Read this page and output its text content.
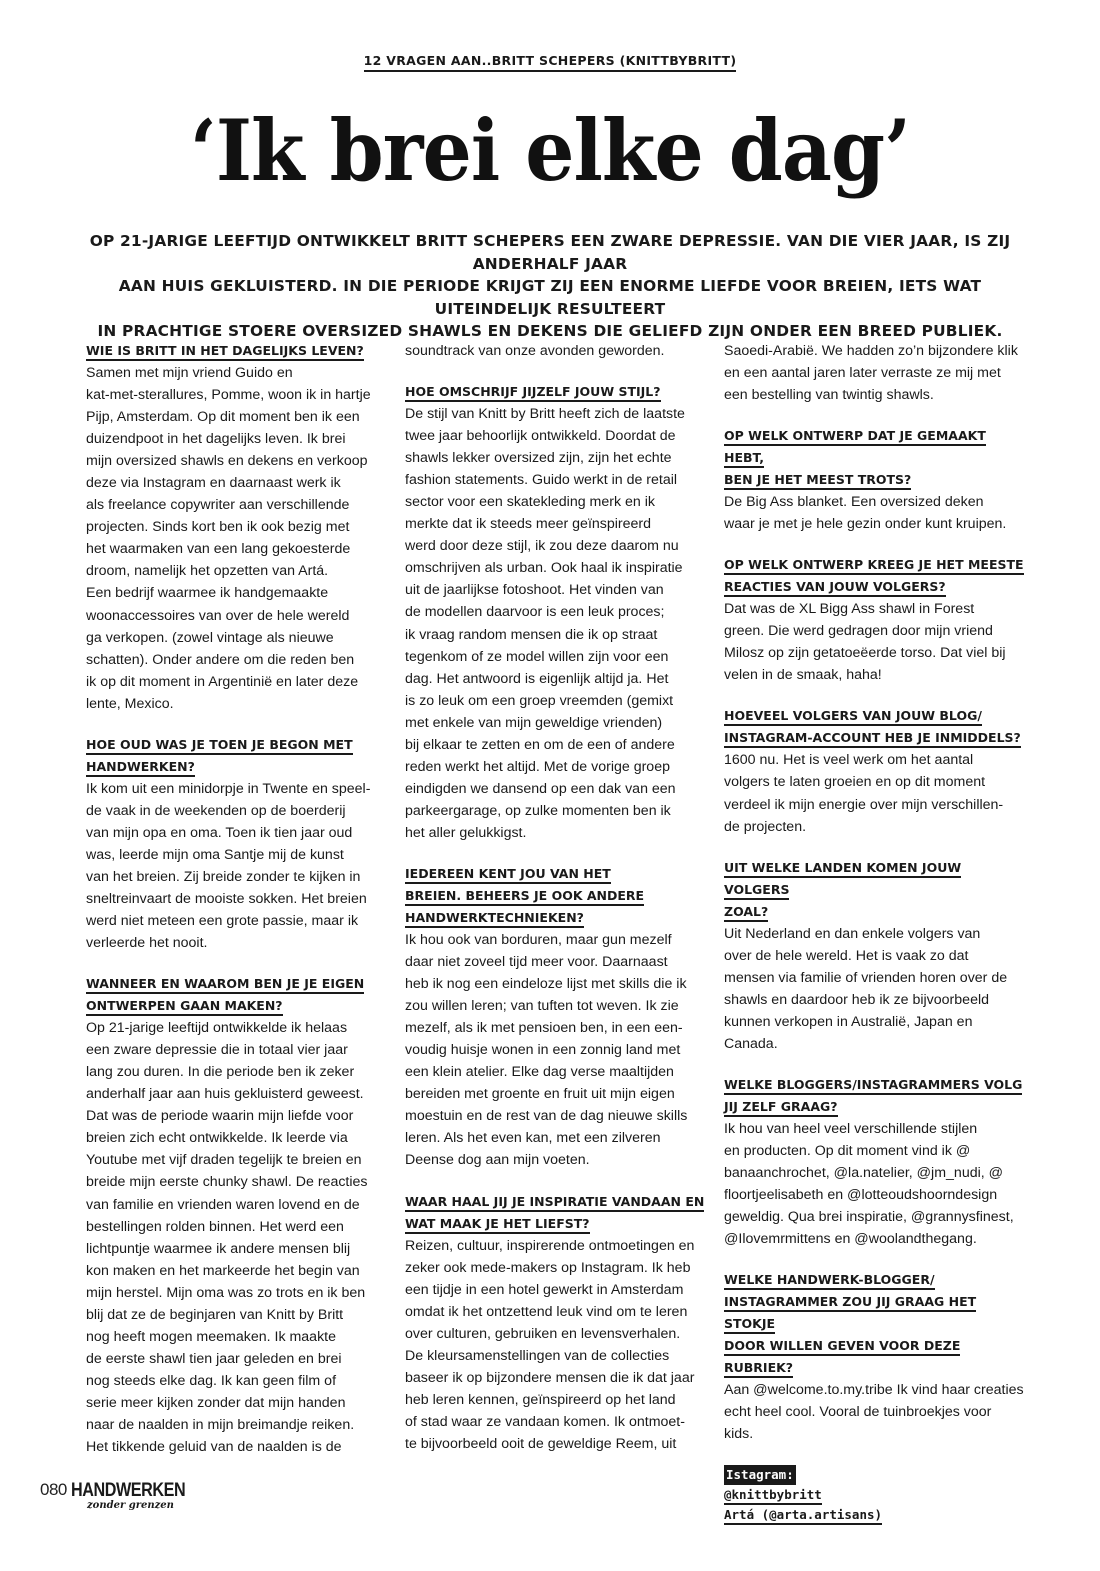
12 VRAGEN AAN..BRITT SCHEPERS (KNITTBYBRITT)
‘Ik brei elke dag’

OP 21-JARIGE LEEFTIJD ONTWIKKELT BRITT SCHEPERS EEN ZWARE DEPRESSIE. VAN DIE VIER JAAR, IS ZIJ ANDERHALF JAAR
AAN HUIS GEKLUISTERD. IN DIE PERIODE KRIJGT ZIJ EEN ENORME LIEFDE VOOR BREIEN, IETS WAT UITEINDELIJK RESULTEERT
IN PRACHTIGE STOERE OVERSIZED SHAWLS EN DEKENS DIE GELIEFD ZIJN ONDER EEN BREED PUBLIEK.

WIE IS BRITT IN HET DAGELIJKS LEVEN?
Samen met mijn vriend Guido en
kat-met-sterallures, Pomme, woon ik in hartje
Pijp, Amsterdam. Op dit moment ben ik een
duizendpoot in het dagelijks leven. Ik brei
mijn oversized shawls en dekens en verkoop
deze via Instagram en daarnaast werk ik
als freelance copywriter aan verschillende
projecten. Sinds kort ben ik ook bezig met
het waarmaken van een lang gekoesterde
droom, namelijk het opzetten van Artá.
Een bedrijf waarmee ik handgemaakte
woonaccessoires van over de hele wereld
ga verkopen. (zowel vintage als nieuwe
schatten). Onder andere om die reden ben
ik op dit moment in Argentinië en later deze
lente, Mexico.
HOE OUD WAS JE TOEN JE BEGON MET
HANDWERKEN?
Ik kom uit een minidorpje in Twente en speel-
de vaak in de weekenden op de boerderij
van mijn opa en oma. Toen ik tien jaar oud
was, leerde mijn oma Santje mij de kunst
van het breien. Zij breide zonder te kijken in
sneltreinvaart de mooiste sokken. Het breien
werd niet meteen een grote passie, maar ik
verleerde het nooit.
WANNEER EN WAAROM BEN JE JE EIGEN
ONTWERPEN GAAN MAKEN?
Op 21-jarige leeftijd ontwikkelde ik helaas
een zware depressie die in totaal vier jaar
lang zou duren. In die periode ben ik zeker
anderhalf jaar aan huis gekluisterd geweest.
Dat was de periode waarin mijn liefde voor
breien zich echt ontwikkelde. Ik leerde via
Youtube met vijf draden tegelijk te breien en
breide mijn eerste chunky shawl. De reacties
van familie en vrienden waren lovend en de
bestellingen rolden binnen. Het werd een
lichtpuntje waarmee ik andere mensen blij
kon maken en het markeerde het begin van
mijn herstel. Mijn oma was zo trots en ik ben
blij dat ze de beginjaren van Knitt by Britt
nog heeft mogen meemaken. Ik maakte
de eerste shawl tien jaar geleden en brei
nog steeds elke dag. Ik kan geen film of
serie meer kijken zonder dat mijn handen
naar de naalden in mijn breimandje reiken.
Het tikkende geluid van de naalden is de
soundtrack van onze avonden geworden.
HOE OMSCHRIJF JIJZELF JOUW STIJL?
De stijl van Knitt by Britt heeft zich de laatste
twee jaar behoorlijk ontwikkeld. Doordat de
shawls lekker oversized zijn, zijn het echte
fashion statements. Guido werkt in de retail
sector voor een skatekleding merk en ik
merkte dat ik steeds meer geïnspireerd
werd door deze stijl, ik zou deze daarom nu
omschrijven als urban. Ook haal ik inspiratie
uit de jaarlijkse fotoshoot. Het vinden van
de modellen daarvoor is een leuk proces;
ik vraag random mensen die ik op straat
tegenkom of ze model willen zijn voor een
dag. Het antwoord is eigenlijk altijd ja. Het
is zo leuk om een groep vreemden (gemixt
met enkele van mijn geweldige vrienden)
bij elkaar te zetten en om de een of andere
reden werkt het altijd. Met de vorige groep
eindigden we dansend op een dak van een
parkeergarage, op zulke momenten ben ik
het aller gelukkigst.
IEDEREEN KENT JOU VAN HET
BREIEN. BEHEERS JE OOK ANDERE
HANDWERKTECHNIEKEN?
Ik hou ook van borduren, maar gun mezelf
daar niet zoveel tijd meer voor. Daarnaast
heb ik nog een eindeloze lijst met skills die ik
zou willen leren; van tuften tot weven. Ik zie
mezelf, als ik met pensioen ben, in een een-
voudig huisje wonen in een zonnig land met
een klein atelier. Elke dag verse maaltijden
bereiden met groente en fruit uit mijn eigen
moestuin en de rest van de dag nieuwe skills
leren. Als het even kan, met een zilveren
Deense dog aan mijn voeten.
WAAR HAAL JIJ JE INSPIRATIE VANDAAN EN
WAT MAAK JE HET LIEFST?
Reizen, cultuur, inspirerende ontmoetingen en
zeker ook mede-makers op Instagram. Ik heb
een tijdje in een hotel gewerkt in Amsterdam
omdat ik het ontzettend leuk vind om te leren
over culturen, gebruiken en levensverhalen.
De kleursamenstellingen van de collecties
baseer ik op bijzondere mensen die ik dat jaar
heb leren kennen, geïnspireerd op het land
of stad waar ze vandaan komen. Ik ontmoet-
te bijvoorbeeld ooit de geweldige Reem, uit
Saoedi-Arabië. We hadden zo’n bijzondere klik
en een aantal jaren later verraste ze mij met
een bestelling van twintig shawls.
OP WELK ONTWERP DAT JE GEMAAKT HEBT,
BEN JE HET MEEST TROTS?
De Big Ass blanket. Een oversized deken
waar je met je hele gezin onder kunt kruipen.
OP WELK ONTWERP KREEG JE HET MEESTE
REACTIES VAN JOUW VOLGERS?
Dat was de XL Bigg Ass shawl in Forest
green. Die werd gedragen door mijn vriend
Milosz op zijn getatoeëerde torso. Dat viel bij
velen in de smaak, haha!
HOEVEEL VOLGERS VAN JOUW BLOG/
INSTAGRAM-ACCOUNT HEB JE INMIDDELS?
1600 nu. Het is veel werk om het aantal
volgers te laten groeien en op dit moment
verdeel ik mijn energie over mijn verschillen-
de projecten.
UIT WELKE LANDEN KOMEN JOUW VOLGERS
ZOAL?
Uit Nederland en dan enkele volgers van
over de hele wereld. Het is vaak zo dat
mensen via familie of vrienden horen over de
shawls en daardoor heb ik ze bijvoorbeeld
kunnen verkopen in Australië, Japan en
Canada.
WELKE BLOGGERS/INSTAGRAMMERS VOLG
JIJ ZELF GRAAG?
Ik hou van heel veel verschillende stijlen
en producten. Op dit moment vind ik @
banaanchrochet, @la.natelier, @jm_nudi, @
floortjeelisabeth en @lotteoudshoorndesign
geweldig. Qua brei inspiratie, @grannysfinest,
@Ilovemrmittens en @woolandthegang.
WELKE HANDWERK-BLOGGER/
INSTAGRAMMER ZOU JIJ GRAAG HET STOKJE
DOOR WILLEN GEVEN VOOR DEZE RUBRIEK?
Aan @welcome.to.my.tribe Ik vind haar creaties
echt heel cool. Vooral de tuinbroekjes voor kids.
Istagram:
@knittbybritt
Artá (@arta.artisans)
080 HANDWERKEN
zonder grenzen
